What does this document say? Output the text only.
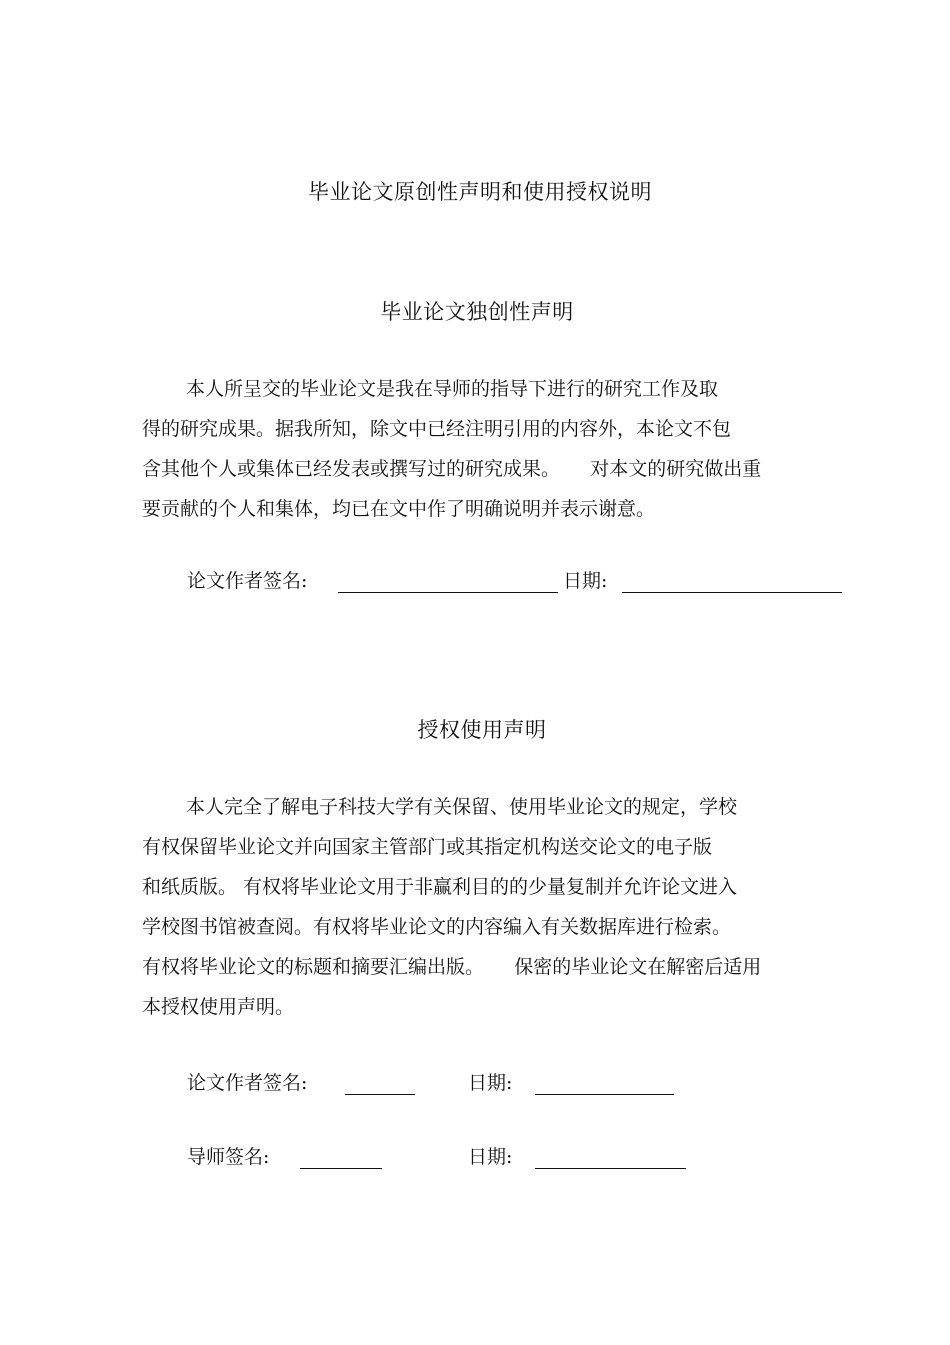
毕业论文原创性声明和使用授权说明
毕业论文独创性声明
本人所呈交的毕业论文是我在导师的指导下进行的研究工作及取
得的研究成果。据我所知，除文中已经注明引用的内容外，本论文不包
含其他个人或集体已经发表或撰写过的研究成果。     对本文的研究做出重
要贡献的个人和集体，均已在文中作了明确说明并表示谢意。
论文作者签名:	日期:
授权使用声明
本人完全了解电子科技大学有关保留、使用毕业论文的规定，学校
有权保留毕业论文并向国家主管部门或其指定机构送交论文的电子版
和纸质版。 有权将毕业论文用于非赢利目的的少量复制并允许论文进入
学校图书馆被查阅。有权将毕业论文的内容编入有关数据库进行检索。
有权将毕业论文的标题和摘要汇编出版。     保密的毕业论文在解密后适用
本授权使用声明。
论文作者签名:	日期:
导师签名:	日期:
